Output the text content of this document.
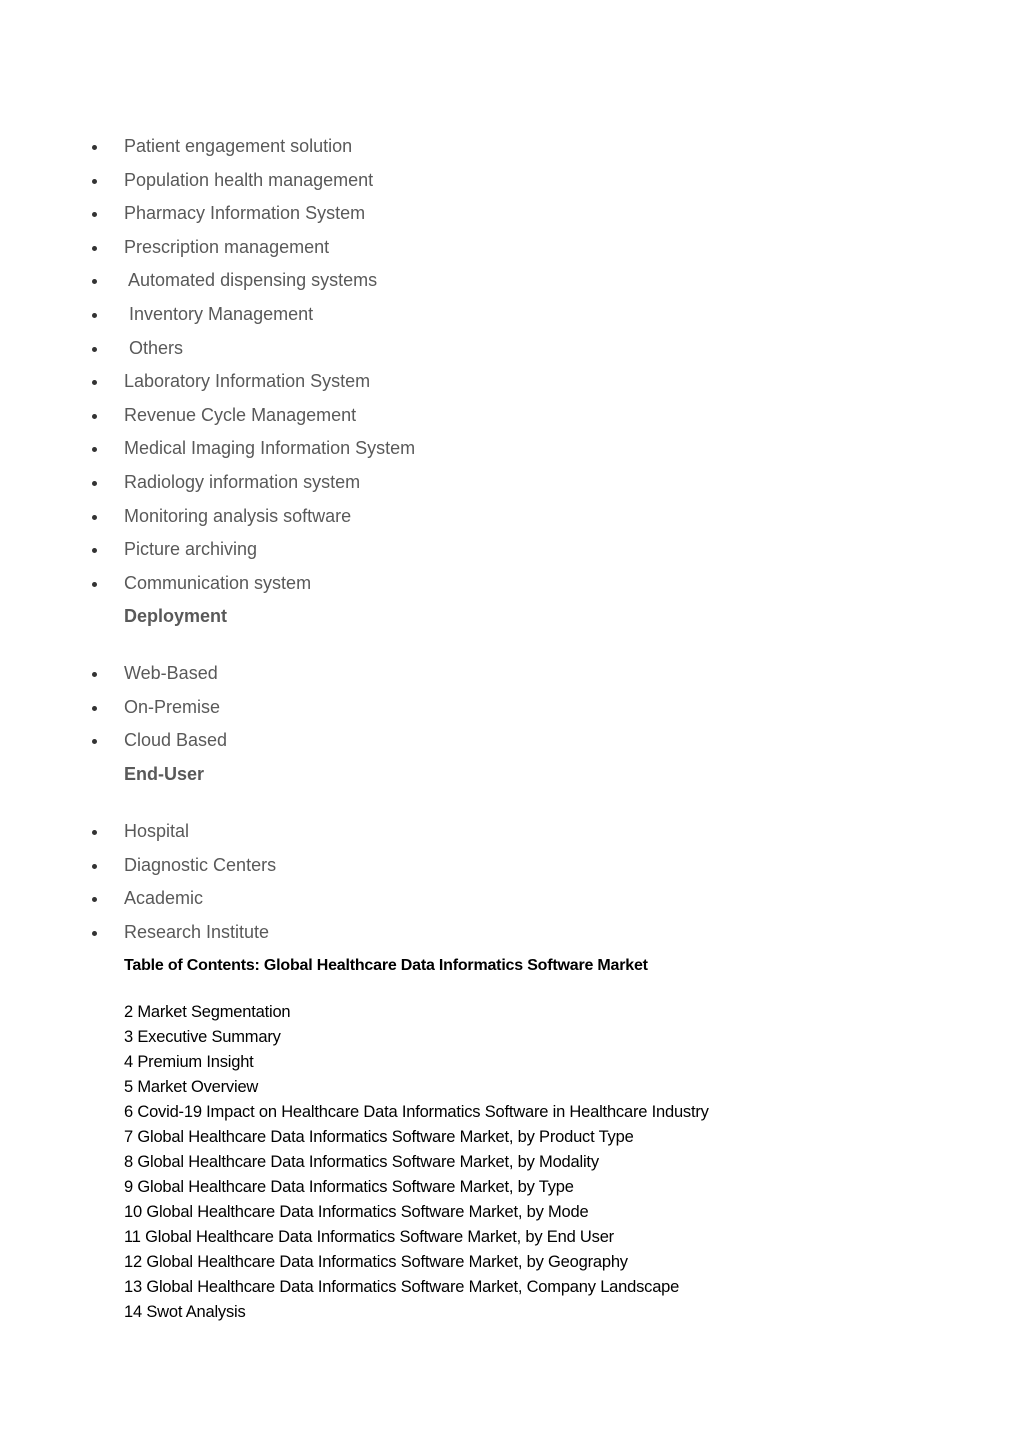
Patient engagement solution
Population health management
Pharmacy Information System
Prescription management
Automated dispensing systems
Inventory Management
Others
Laboratory Information System
Revenue Cycle Management
Medical Imaging Information System
Radiology information system
Monitoring analysis software
Picture archiving
Communication system
Deployment
Web-Based
On-Premise
Cloud Based
End-User
Hospital
Diagnostic Centers
Academic
Research Institute
Table of Contents: Global Healthcare Data Informatics Software Market
2 Market Segmentation
3 Executive Summary
4 Premium Insight
5 Market Overview
6 Covid-19 Impact on Healthcare Data Informatics Software in Healthcare Industry
7 Global Healthcare Data Informatics Software Market, by Product Type
8 Global Healthcare Data Informatics Software Market, by Modality
9 Global Healthcare Data Informatics Software Market, by Type
10 Global Healthcare Data Informatics Software Market, by Mode
11 Global Healthcare Data Informatics Software Market, by End User
12 Global Healthcare Data Informatics Software Market, by Geography
13 Global Healthcare Data Informatics Software Market, Company Landscape
14 Swot Analysis
